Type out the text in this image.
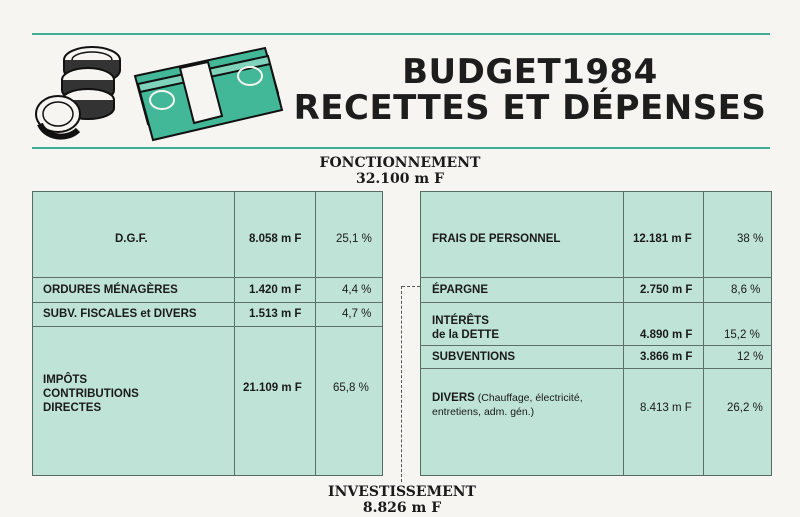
BUDGET1984
RECETTES ET DÉPENSES
FONCTIONNEMENT
32.100 m F
D.G.F.	8.058 m F	25,1 %
ORDURES MÉNAGÈRES	1.420 m F	4,4 %
SUBV. FISCALES et DIVERS	1.513 m F	4,7 %
IMPÔTS
CONTRIBUTIONS
DIRECTES
21.109 m F	65,8 %
FRAIS DE PERSONNEL	12.181 m F	38 %
ÉPARGNE	2.750 m F	8,6 %
INTÉRÊTS
de la DETTE	4.890 m F	15,2 %
SUBVENTIONS	3.866 m F	12 %
DIVERS (Chauffage, électricité,
entretiens, adm. gén.)	8.413 m F	26,2 %
INVESTISSEMENT
8.826 m F
